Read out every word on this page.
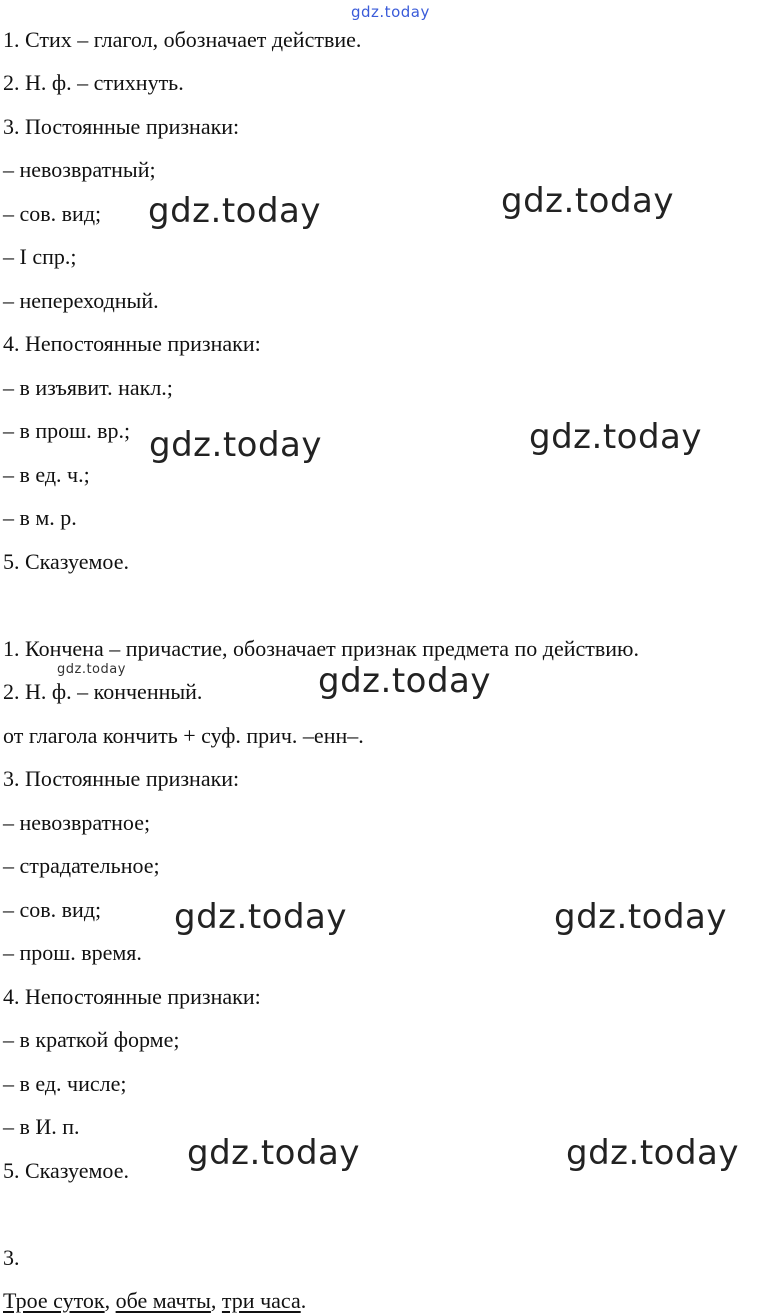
1. Стих – глагол, обозначает действие.
2. Н. ф. – стихнуть.
3. Постоянные признаки:
– невозвратный;
– сов. вид;
– I спр.;
– непереходный.
4. Непостоянные признаки:
– в изъявит. накл.;
– в прош. вр.;
– в ед. ч.;
– в м. р.
5. Сказуемое.
1. Кончена – причастие, обозначает признак предмета по действию.
2. Н. ф. – конченный.
от глагола кончить + суф. прич. –енн–.
3. Постоянные признаки:
– невозвратное;
– страдательное;
– сов. вид;
– прош. время.
4. Непостоянные признаки:
– в краткой форме;
– в ед. числе;
– в И. п.
5. Сказуемое.
3.
Трое суток, обе мачты, три часа.
gdz.today
gdz.today	gdz.today
gdz.today	gdz.today
gdz.today	gdz.today
gdz.today	gdz.today
gdz.today	gdz.today
